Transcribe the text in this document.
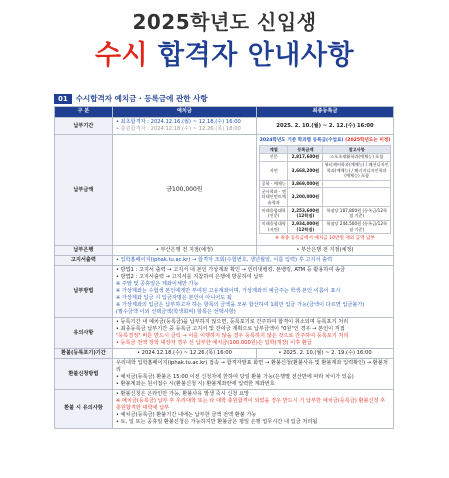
2025학년도 신입생
수시 합격자 안내사항
01	수시합격자 예치금 · 등록금에 관한 사항
구 분	예치금	최종등록금
납부기간	
• 최초합격자 : 2024.12.16.(월) ~ 12.18.(수) 16:00
• 충원합격자 : 2024.12.18.(수) ~ 12.26.(목) 18:00
	2025. 2. 10.(월) ~ 2. 12.(수) 16:00
납부금액	금100,000원	
2024학년도 기준 학과별 등록금(수업료) (2025학년도는 미정)
계열	등록금액	참고사항
인문	2,817,600원	스포츠재활학과(예체능) 포함
자연	3,668,200원	뷰티케어학과(예체능) / 패션디자인학과(예체능) / 패키지디자인학과(예체능) 포함
공학 · 예체능	3,869,000원	
군사학과 · 엔터테인먼트예술학과	3,200,000원	
미래융합대학(인문)	2,253,600원 (12학점)	학점당 187,800원 (등록금/12학점 기준)
미래융합대학(자연)	2,934,000원 (12학점)	학점당 244,500원 (등록금/12학점 기준)
※ 최종 등록금에서 예치금 10만원 제외 금액 납부

납부은행	• 부산은행 전 지점(예정)	• 부산은행 전 지점(예정)
고지서출력	• 입학홈페이지(iphak.tu.ac.kr) → 합격자 조회(수험번호, 생년월일, 이름 입력) 후 고지서 출력
납부방법	
• 방법1 : 고지서 출력 → 고지서 내 본인 가상계좌 확인 → 인터넷뱅킹, 폰뱅킹, ATM 등 활용하여 송금
• 방법2 : 고지서출력 → 고지서를 지참하여 은행에 방문하여 납부
※ 주말 및 공휴일은 계좌이체만 가능
※ 가상계좌는 수험생 본인에게만 부여된 고유계좌이며, 가상계좌의 예금주는 학생 본인 이름이 표시
※ 가상계좌 입금 시 입금자명은 본인이 아니어도 됨
※ 가상계좌의 입금은 납부하고자 하는 항목의 금액을 모두 합산하여 1회만 입금 가능(금액이 다르면 입금불가)
(필수금액 이외 선택금액(학생회비) 항목은 선택사항)

유의사항	
• 등록기간 내 예치금(등록금)을 납부하지 않으면, 등록포기로 간주하여 합격이 취소되며 등록포기 처리
• 최종등록금 납부기간 중 등록금 고지서 및 잔여금 계획으로 납부금액이 "0원"인 경우 → 본인이 직접
"등록결정" 버튼 반드시 클릭 → 이를 이행하지 않을 경우 등록하지 않은 것으로 간주하여 등록포기 처리
• 등록금 전액 장학 대상자 경우 선 납부한 예치금(100,000원)은 입학(개강) 이후 환급

환불(등록포기)기간	• 2024.12.18.(수) ~ 12.26.(목) 16:00	• 2025. 2. 10.(월) ~ 2. 19.(수) 16:00
환불신청방법	
우리대학 입학홈페이지(iphak.tu.ac.kr) 접속 → 합격자발표 화면 → 환불신청(환불사유 및 환불계좌 입력확인) → 환불처리
• 예치금(등록금) 환불은 15:00 이전 신청자에 한하여 당일 환불 가능(은행별 전산반에 따라 차이가 있음)
• 환불계좌는 원서접수 시(환불신청 시) 환불계좌란에 입력한 계좌번호

환불 시 유의사항	
• 환불신청은 온라인만 가능, 환불사유 발생 즉시 신청 요망
※ 예치금(등록금) 납부 후 우리대학 또는 타 대학 충원합격이 되었을 경우 반드시 기 납부한 예치금(등록금) 환불신청 후
충원합격한 대학에 납부
• 예치금(등록금) 환불기간 내에는 납부한 금액 전액 환불 가능
• 토, 일 또는 공휴일 환불신청은 가능하지만 환불금은 평일 은행 업무시간 내 입금 처리됨
